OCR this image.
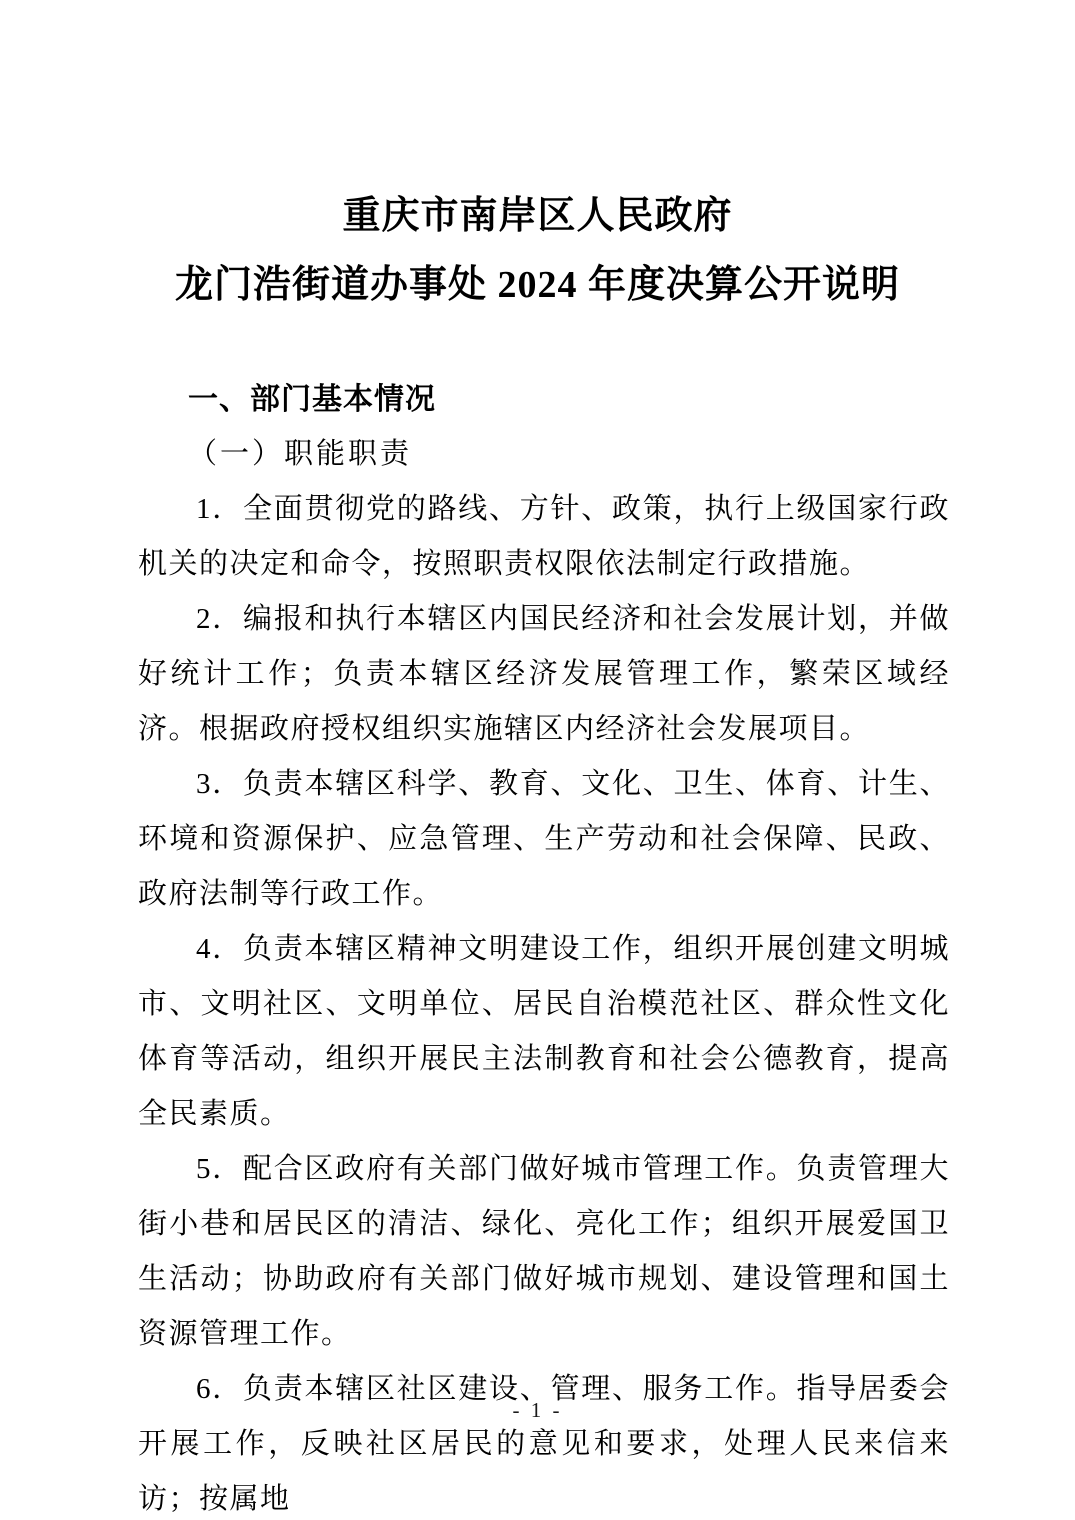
重庆市南岸区人民政府
龙门浩街道办事处 2024 年度决算公开说明
一、部门基本情况
（一）职能职责

1．全面贯彻党的路线、方针、政策，执行上级国家行政机关的决定和命令，按照职责权限依法制定行政措施。

2．编报和执行本辖区内国民经济和社会发展计划，并做好统计工作；负责本辖区经济发展管理工作，繁荣区域经济。根据政府授权组织实施辖区内经济社会发展项目。

3．负责本辖区科学、教育、文化、卫生、体育、计生、环境和资源保护、应急管理、生产劳动和社会保障、民政、政府法制等行政工作。

4．负责本辖区精神文明建设工作，组织开展创建文明城市、文明社区、文明单位、居民自治模范社区、群众性文化体育等活动，组织开展民主法制教育和社会公德教育，提高全民素质。

5．配合区政府有关部门做好城市管理工作。负责管理大街小巷和居民区的清洁、绿化、亮化工作；组织开展爱国卫生活动；协助政府有关部门做好城市规划、建设管理和国土资源管理工作。

6．负责本辖区社区建设、管理、服务工作。指导居委会开展工作，反映社区居民的意见和要求，处理人民来信来访；按属地

- 1 -
